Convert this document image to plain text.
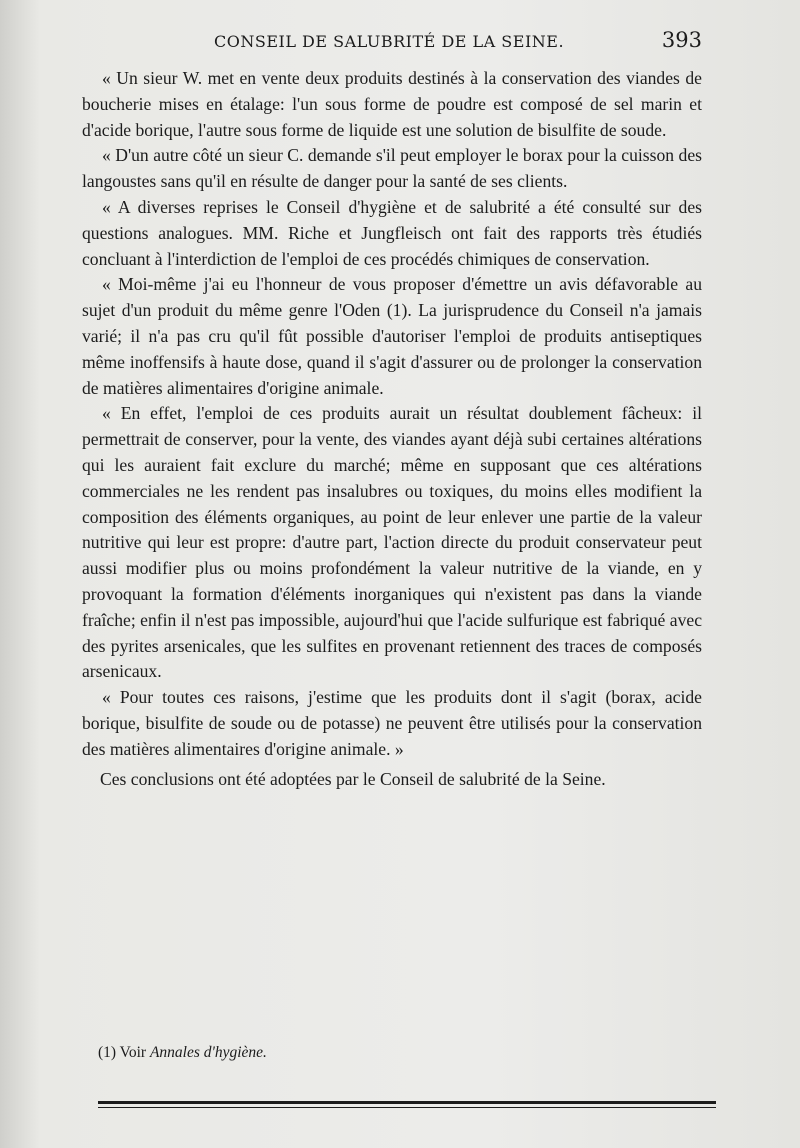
CONSEIL DE SALUBRITÉ DE LA SEINE.	393

« Un sieur W. met en vente deux produits destinés à la conservation des viandes de boucherie mises en étalage: l'un sous forme de poudre est composé de sel marin et d'acide borique, l'autre sous forme de liquide est une solution de bisulfite de soude.

« D'un autre côté un sieur C. demande s'il peut employer le borax pour la cuisson des langoustes sans qu'il en résulte de danger pour la santé de ses clients.

« A diverses reprises le Conseil d'hygiène et de salubrité a été consulté sur des questions analogues. MM. Riche et Jungfleisch ont fait des rapports très étudiés concluant à l'interdiction de l'emploi de ces procédés chimiques de conservation.

« Moi-même j'ai eu l'honneur de vous proposer d'émettre un avis défavorable au sujet d'un produit du même genre l'Oden (1). La jurisprudence du Conseil n'a jamais varié; il n'a pas cru qu'il fût possible d'autoriser l'emploi de produits antiseptiques même inoffensifs à haute dose, quand il s'agit d'assurer ou de prolonger la conservation de matières alimentaires d'origine animale.

« En effet, l'emploi de ces produits aurait un résultat doublement fâcheux: il permettrait de conserver, pour la vente, des viandes ayant déjà subi certaines altérations qui les auraient fait exclure du marché; même en supposant que ces altérations commerciales ne les rendent pas insalubres ou toxiques, du moins elles modifient la composition des éléments organiques, au point de leur enlever une partie de la valeur nutritive qui leur est propre: d'autre part, l'action directe du produit conservateur peut aussi modifier plus ou moins profondément la valeur nutritive de la viande, en y provoquant la formation d'éléments inorganiques qui n'existent pas dans la viande fraîche; enfin il n'est pas impossible, aujourd'hui que l'acide sulfurique est fabriqué avec des pyrites arsenicales, que les sulfites en provenant retiennent des traces de composés arsenicaux.

« Pour toutes ces raisons, j'estime que les produits dont il s'agit (borax, acide borique, bisulfite de soude ou de potasse) ne peuvent être utilisés pour la conservation des matières alimentaires d'origine animale. »

Ces conclusions ont été adoptées par le Conseil de salubrité de la Seine.

(1) Voir Annales d'hygiène.
